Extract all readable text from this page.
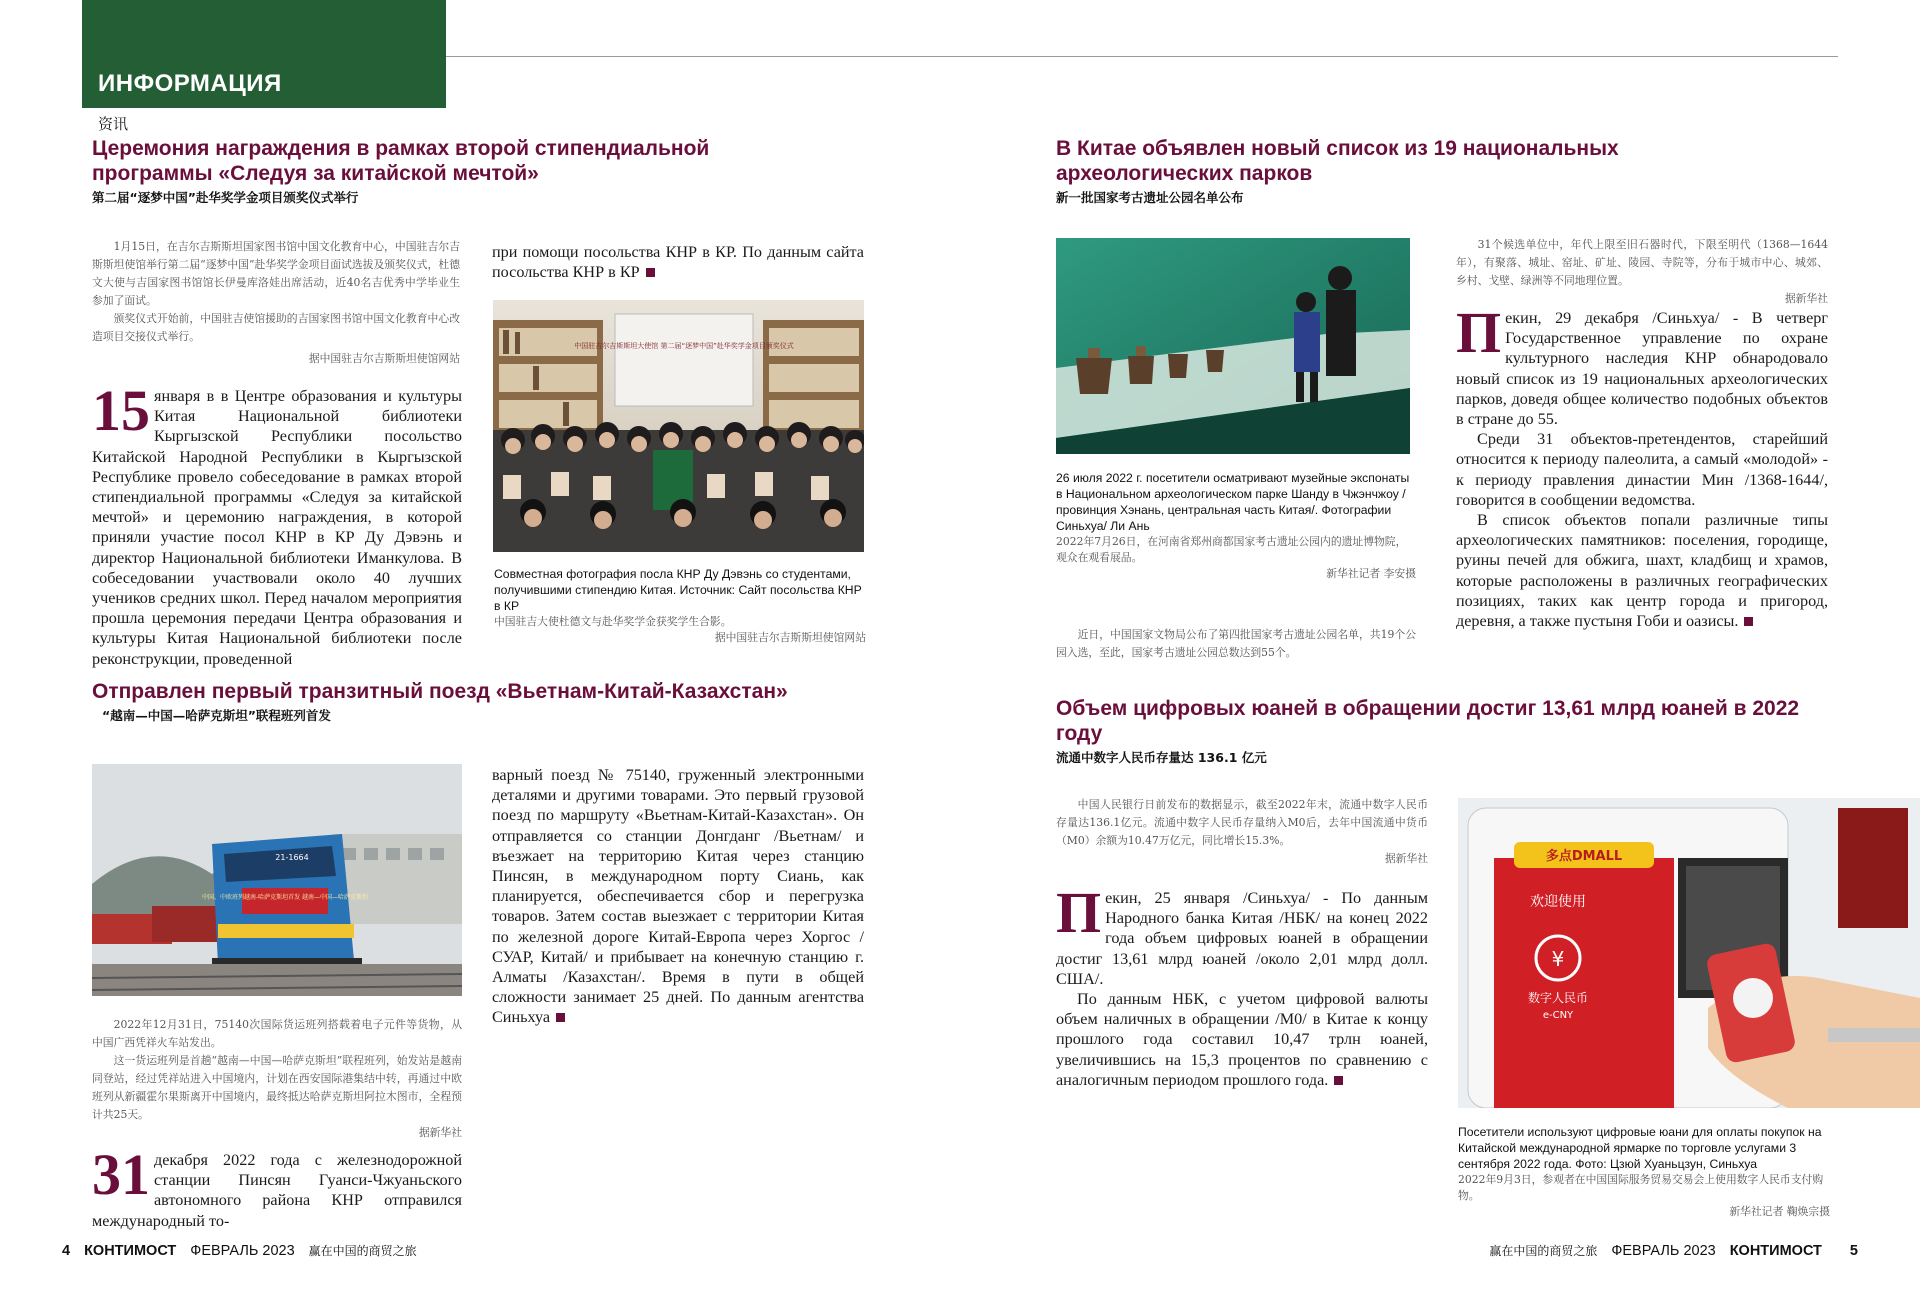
ИНФОРМАЦИЯ
资讯
Церемония награждения в рамках второй стипендиальной программы «Следуя за китайской мечтой»
第二届“逐梦中国”赴华奖学金项目颁奖仪式举行

1月15日，在吉尔吉斯斯坦国家图书馆中国文化教育中心，中国驻吉尔吉斯斯坦使馆举行第二届“逐梦中国”赴华奖学金项目面试选拔及颁奖仪式，杜德文大使与吉国家图书馆馆长伊曼库洛娃出席活动，近40名吉优秀中学毕业生参加了面试。

颁奖仪式开始前，中国驻吉使馆援助的吉国家图书馆中国文化教育中心改造项目交接仪式举行。

据中国驻吉尔吉斯斯坦使馆网站
15 января в в Центре образования и культуры Китая Национальной библиотеки Кыргызской Республики посольство Китайской Народной Республики в Кыргызской Республике провело собеседование в рамках второй стипендиальной программы «Следуя за китайской мечтой» и церемонию награждения, в которой приняли участие посол КНР в КР Ду Дэвэнь и директор Национальной библиотеки Иманкулова. В собеседовании участвовали около 40 лучших учеников средних школ. Перед началом мероприятия прошла церемония передачи Центра образования и культуры Китая Национальной библиотеки после реконструкции, проведенной

при помощи посольства КНР в КР. По данным сайта посольства КНР в КР

中国驻吉尔吉斯斯坦大使馆 第二届“逐梦中国”赴华奖学金项目颁奖仪式
Совместная фотография посла КНР Ду Дэвэнь со студентами, получившими стипендию Китая. Источник: Сайт посольства КНР в КР
中国驻吉大使杜德文与赴华奖学金获奖学生合影。
据中国驻吉尔吉斯斯坦使馆网站
Отправлен первый транзитный поезд «Вьетнам-Китай-Казахстан»
“越南—中国—哈萨克斯坦”联程班列首发
中国、中欧班列越南-哈萨克斯坦首发 越南—中国—哈萨克斯坦
21-1664

2022年12月31日，75140次国际货运班列搭载着电子元件等货物，从中国广西凭祥火车站发出。

这一货运班列是首趟“越南—中国—哈萨克斯坦”联程班列，始发站是越南同登站，经过凭祥站进入中国境内，计划在西安国际港集结中转，再通过中欧班列从新疆霍尔果斯离开中国境内，最终抵达哈萨克斯坦阿拉木图市，全程预计共25天。

据新华社
31 декабря 2022 года с железнодорожной станции Пинсян Гуанси-Чжуаньского автономного района КНР отправился международный то-

варный поезд № 75140, груженный электронными деталями и другими товарами. Это первый грузовой поезд по маршруту «Вьетнам-Китай-Казахстан». Он отправляется со станции Донгданг /Вьетнам/ и въезжает на территорию Китая через станцию Пинсян, в международном порту Сиань, как планируется, обеспечивается сбор и перегрузка товаров. Затем состав выезжает с территории Китая по железной дороге Китай-Европа через Хоргос /СУАР, Китай/ и прибывает на конечную станцию г. Алматы /Казахстан/. Время в пути в общей сложности занимает 25 дней. По данным агентства Синьхуа

В Китае объявлен новый список из 19 национальных археологических парков
新一批国家考古遗址公园名单公布
26 июля 2022 г. посетители осматривают музейные экспонаты в Национальном археологическом парке Шанду в Чжэнчжоу /провинция Хэнань, центральная часть Китая/. Фотографии Синьхуа/ Ли Ань
2022年7月26日，在河南省郑州商都国家考古遗址公园内的遗址博物院，观众在观看展品。
新华社记者 李安摄

近日，中国国家文物局公布了第四批国家考古遗址公园名单，共19个公园入选，至此，国家考古遗址公园总数达到55个。

31个候选单位中，年代上限至旧石器时代，下限至明代（1368—1644年），有聚落、城址、窑址、矿址、陵园、寺院等，分布于城市中心、城郊、乡村、戈壁、绿洲等不同地理位置。

据新华社
П екин, 29 декабря /Синьхуа/ - В четверг Государственное управление по охране культурного наследия КНР обнародовало новый список из 19 национальных археологических парков, доведя общее количество подобных объектов в стране до 55.

Среди 31 объектов-претендентов, старейший относится к периоду палеолита, а самый «молодой» - к периоду правления династии Мин /1368-1644/, говорится в сообщении ведомства.

В список объектов попали различные типы археологических памятников: поселения, городище, руины печей для обжига, шахт, кладбищ и храмов, которые расположены в различных географических позициях, таких как центр города и пригород, деревня, а также пустыня Гоби и оазисы.

Объем цифровых юаней в обращении достиг 13,61 млрд юаней в 2022 году
流通中数字人民币存量达 136.1 亿元

中国人民银行日前发布的数据显示，截至2022年末，流通中数字人民币存量达136.1亿元。流通中数字人民币存量纳入M0后，去年中国流通中货币（M0）余额为10.47万亿元，同比增长15.3%。

据新华社
П екин, 25 января /Синьхуа/ - По данным Народного банка Китая /НБК/ на конец 2022 года объем цифровых юаней в обращении достиг 13,61 млрд юаней /около 2,01 млрд долл. США/.

По данным НБК, с учетом цифровой валюты объем наличных в обращении /М0/ в Китае к концу прошлого года составил 10,47 трлн юаней, увеличившись на 15,3 процентов по сравнению с аналогичным периодом прошлого года.

多点DMALL
欢迎使用
¥
数字人民币
e-CNY
Посетители используют цифровые юани для оплаты покупок на Китайской международной ярмарке по торговле услугами 3 сентября 2022 года. Фото: Цзюй Хуаньцзун, Синьхуа
2022年9月3日，参观者在中国国际服务贸易交易会上使用数字人民币支付购物。
新华社记者 鞠焕宗摄
4 КОНТИМОСТ ФЕВРАЛЬ 2023 赢在中国的商贸之旅	赢在中国的商贸之旅 ФЕВРАЛЬ 2023 КОНТИМОСТ 5
